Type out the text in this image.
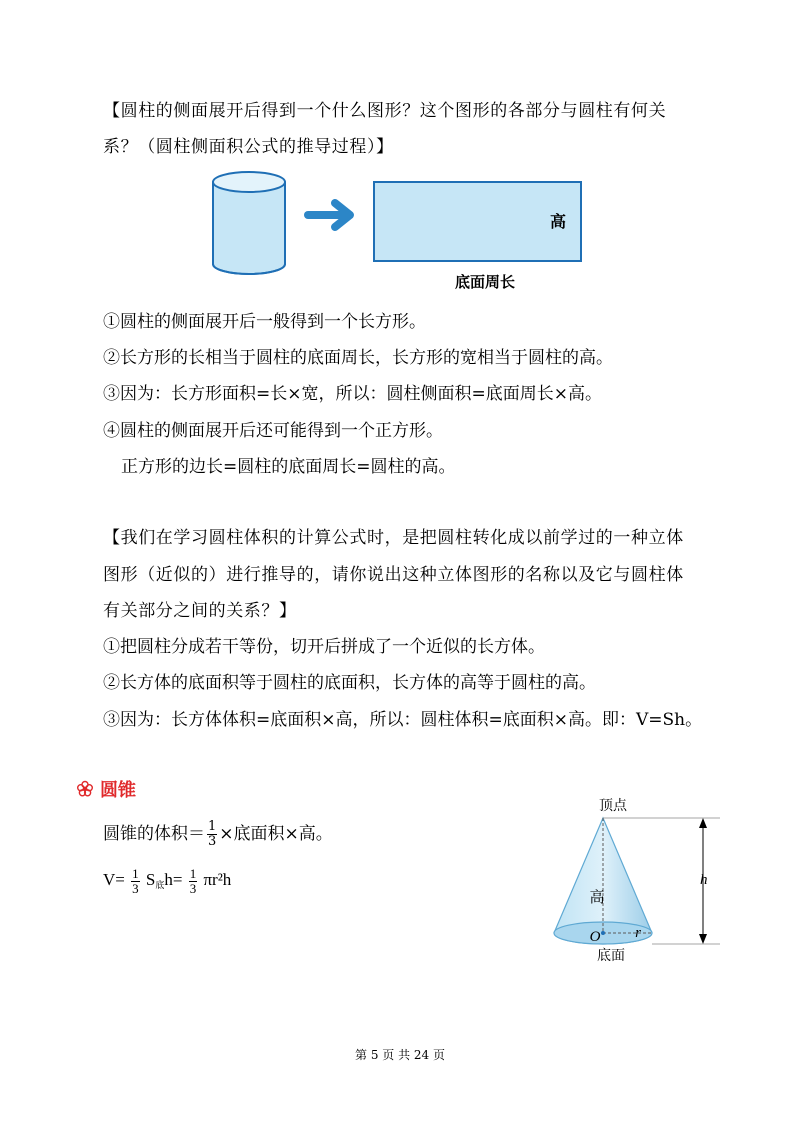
【圆柱的侧面展开后得到一个什么图形？这个图形的各部分与圆柱有何关
系？（圆柱侧面积公式的推导过程）】
高
底面周长
①圆柱的侧面展开后一般得到一个长方形。
②长方形的长相当于圆柱的底面周长，长方形的宽相当于圆柱的高。
③因为：长方形面积=长×宽，所以：圆柱侧面积=底面周长×高。
④圆柱的侧面展开后还可能得到一个正方形。
正方形的边长=圆柱的底面周长=圆柱的高。
【我们在学习圆柱体积的计算公式时，是把圆柱转化成以前学过的一种立体
图形（近似的）进行推导的，请你说出这种立体图形的名称以及它与圆柱体
有关部分之间的关系？】
①把圆柱分成若干等份，切开后拼成了一个近似的长方体。
②长方体的底面积等于圆柱的底面积，长方体的高等于圆柱的高。
③因为：长方体体积=底面积×高，所以：圆柱体积=底面积×高。即：V=Sh。
圆锥
圆锥的体积＝ $\frac{1}{3}$ ×底面积×高。
$V= \frac{1}{3} S_底h= \frac{1}{3} \pi r^2h$
顶点
h
高
O r
底面
第 5 页 共 24 页
